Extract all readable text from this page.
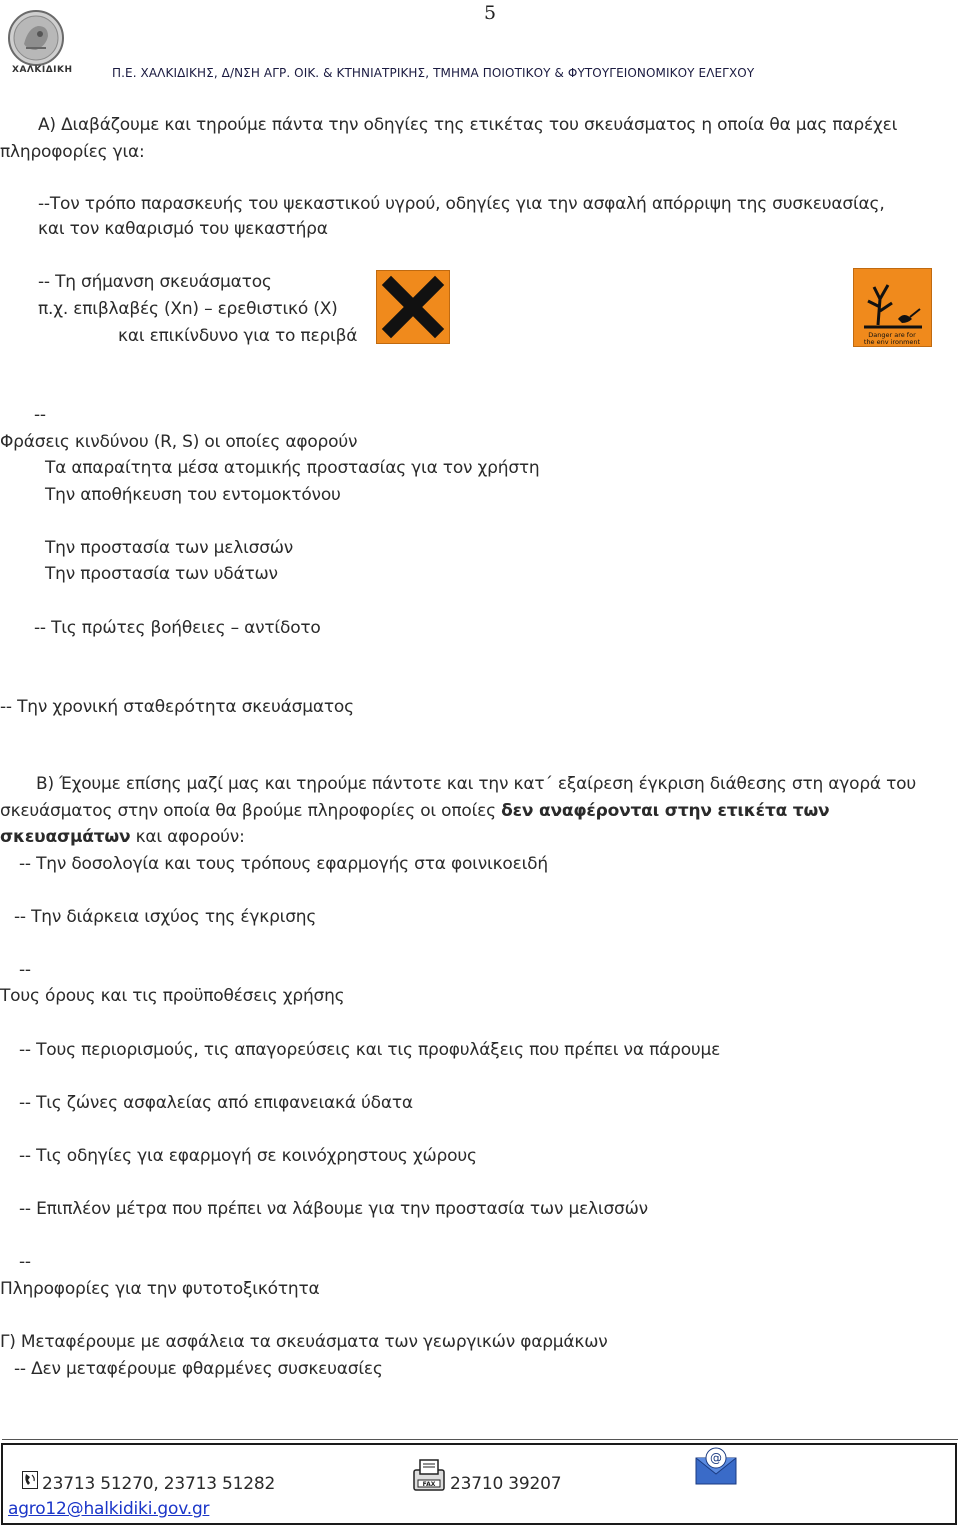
5
ΧΑΛΚΙΔΙΚΗ	Π.Ε. ΧΑΛΚΙΔΙΚΗΣ, Δ/ΝΣΗ ΑΓΡ. ΟΙΚ. & ΚΤΗΝΙΑΤΡΙΚΗΣ, ΤΜΗΜΑ ΠΟΙΟΤΙΚΟΥ & ΦΥΤΟΥΓΕΙΟΝΟΜΙΚΟΥ ΕΛΕΓΧΟΥ
Α) Διαβάζουμε και τηρούμε πάντα την οδηγίες της ετικέτας του σκευάσματος η οποία θα μας παρέχει
πληροφορίες για:
--Τον τρόπο παρασκευής του ψεκαστικού υγρού, οδηγίες για την ασφαλή απόρριψη της συσκευασίας,
και τον καθαρισμό του ψεκαστήρα
-- Τη σήμανση σκευάσματος
π.χ. επιβλαβές (Xn) – ερεθιστικό (X)
και επικίνδυνο για το περιβά	Danger are for
the env ironment
--
Φράσεις κινδύνου (R, S) οι οποίες αφορούν
Τα απαραίτητα μέσα ατομικής προστασίας για τον χρήστη
Την αποθήκευση του εντομοκτόνου
Την προστασία των μελισσών
Την προστασία των υδάτων
-- Τις πρώτες βοήθειες – αντίδοτο
-- Την χρονική σταθερότητα σκευάσματος
Β) Έχουμε επίσης μαζί μας και τηρούμε πάντοτε και την κατ΄ εξαίρεση έγκριση διάθεσης στη αγορά του
σκευάσματος στην οποία θα βρούμε πληροφορίες οι οποίες δεν αναφέρονται στην ετικέτα των
σκευασμάτων και αφορούν:
-- Την δοσολογία και τους τρόπους εφαρμογής στα φοινικοειδή
-- Την διάρκεια ισχύος της έγκρισης
--
Τους όρους και τις προϋποθέσεις χρήσης
-- Τους περιορισμούς, τις απαγορεύσεις και τις προφυλάξεις που πρέπει να πάρουμε
-- Τις ζώνες ασφαλείας από επιφανειακά ύδατα
-- Τις οδηγίες για εφαρμογή σε κοινόχρηστους χώρους
-- Επιπλέον μέτρα που πρέπει να λάβουμε για την προστασία των μελισσών
--
Πληροφορίες για την φυτοτοξικότητα
Γ) Μεταφέρουμε με ασφάλεια τα σκευάσματα των γεωργικών φαρμάκων
-- Δεν μεταφέρουμε φθαρμένες συσκευασίες
23713 51270, 23713 51282	FAX 23710 39207
@
agro12@halkidiki.gov.gr
